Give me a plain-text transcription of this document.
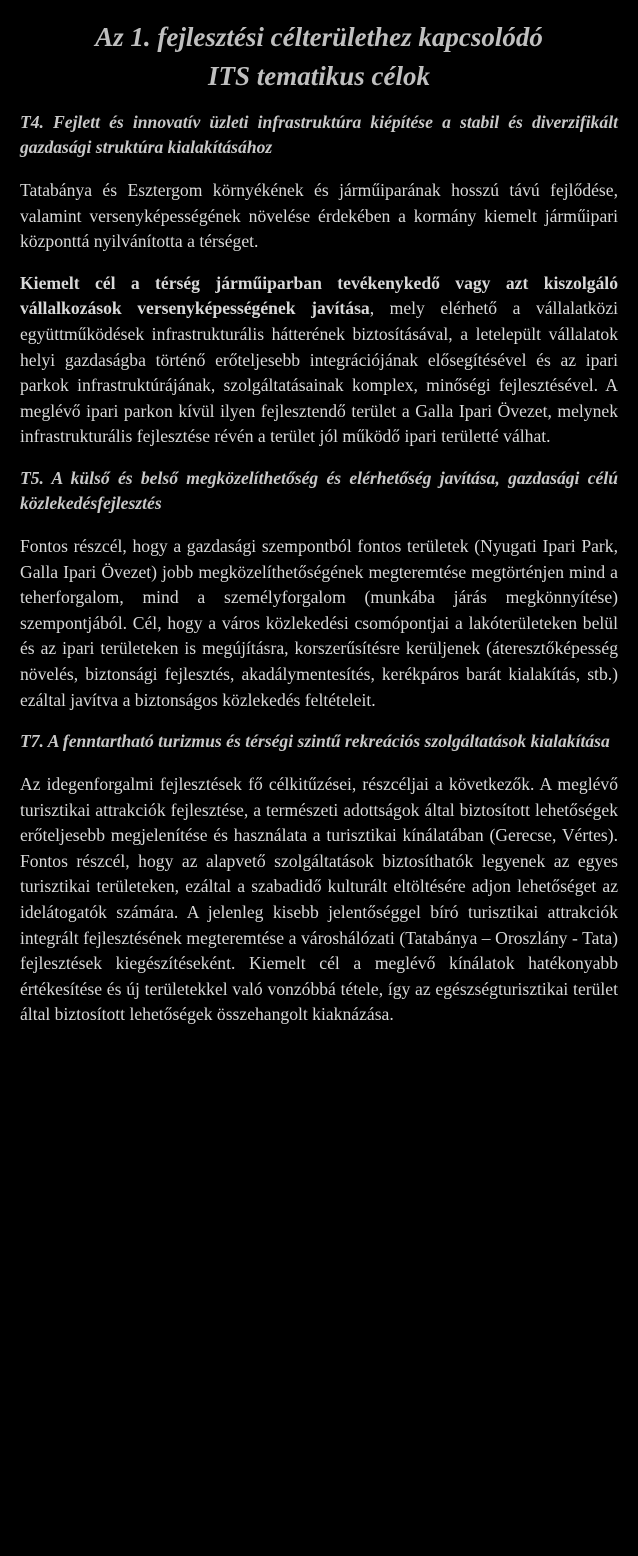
Az 1. fejlesztési célterülethez kapcsolódó
ITS tematikus célok

T4. Fejlett és innovatív üzleti infrastruktúra kiépítése a stabil és diverzifikált gazdasági struktúra kialakításához

Tatabánya és Esztergom környékének és járműiparának hosszú távú fejlődése, valamint versenyképességének növelése érdekében a kormány kiemelt járműipari központtá nyilvánította a térséget.

Kiemelt cél a térség járműiparban tevékenykedő vagy azt kiszolgáló vállalkozások versenyképességének javítása, mely elérhető a vállalatközi együttműködések infrastrukturális hátterének biztosításával, a letelepült vállalatok helyi gazdaságba történő erőteljesebb integrációjának elősegítésével és az ipari parkok infrastruktúrájának, szolgáltatásainak komplex, minőségi fejlesztésével. A meglévő ipari parkon kívül ilyen fejlesztendő terület a Galla Ipari Övezet, melynek infrastrukturális fejlesztése révén a terület jól működő ipari területté válhat.

T5. A külső és belső megközelíthetőség és elérhetőség javítása, gazdasági célú közlekedésfejlesztés

Fontos részcél, hogy a gazdasági szempontból fontos területek (Nyugati Ipari Park, Galla Ipari Övezet) jobb megközelíthetőségének megteremtése megtörténjen mind a teherforgalom, mind a személyforgalom (munkába járás megkönnyítése) szempontjából. Cél, hogy a város közlekedési csomópontjai a lakóterületeken belül és az ipari területeken is megújításra, korszerűsítésre kerüljenek (áteresztőképesség növelés, biztonsági fejlesztés, akadálymentesítés, kerékpáros barát kialakítás, stb.) ezáltal javítva a biztonságos közlekedés feltételeit.

T7. A fenntartható turizmus és térségi szintű rekreációs szolgáltatások kialakítása

Az idegenforgalmi fejlesztések fő célkitűzései, részcéljai a következők. A meglévő turisztikai attrakciók fejlesztése, a természeti adottságok által biztosított lehetőségek erőteljesebb megjelenítése és használata a turisztikai kínálatában (Gerecse, Vértes). Fontos részcél, hogy az alapvető szolgáltatások biztosíthatók legyenek az egyes turisztikai területeken, ezáltal a szabadidő kulturált eltöltésére adjon lehetőséget az idelátogatók számára. A jelenleg kisebb jelentőséggel bíró turisztikai attrakciók integrált fejlesztésének megteremtése a városhálózati (Tatabánya – Oroszlány - Tata) fejlesztések kiegészítéseként. Kiemelt cél a meglévő kínálatok hatékonyabb értékesítése és új területekkel való vonzóbbá tétele, így az egészségturisztikai terület által biztosított lehetőségek összehangolt kiaknázása.
